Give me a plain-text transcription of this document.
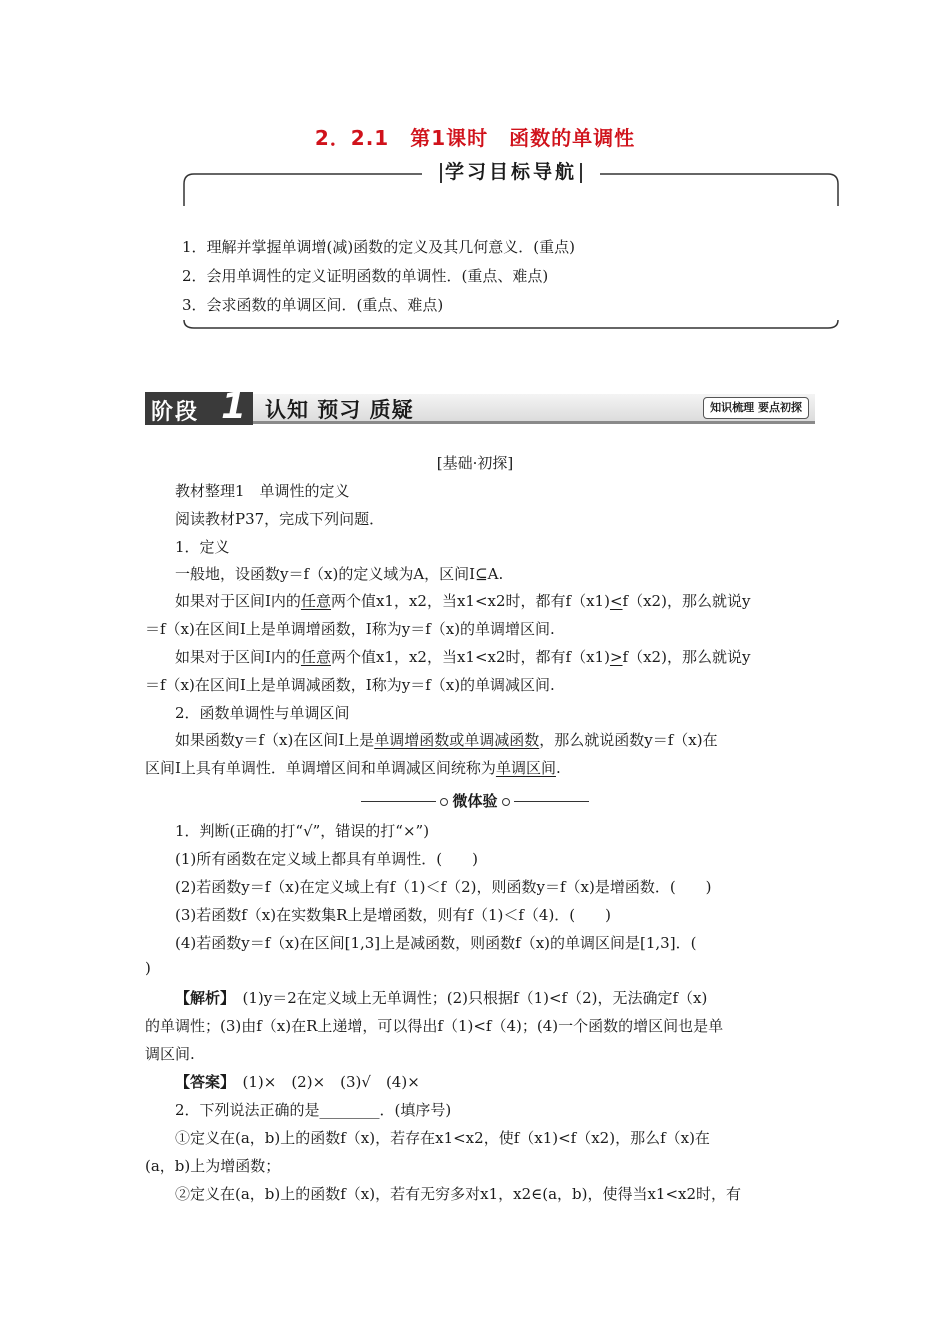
2．2.1　第1课时　函数的单调性
学习目标导航
1．理解并掌握单调增(减)函数的定义及其几何意义．(重点)
2．会用单调性的定义证明函数的单调性．(重点、难点)
3．会求函数的单调区间．(重点、难点)
阶段 1 认知 预习 质疑	知识梳理 要点初探
[基础·初探]
教材整理1　单调性的定义
阅读教材P37，完成下列问题．
1．定义
一般地，设函数y＝f（x)的定义域为A，区间I⊆A.
如果对于区间I内的任意两个值x1，x2，当x1<x2时，都有f（x1)<f（x2)，那么就说y
＝f（x)在区间I上是单调增函数，I称为y＝f（x)的单调增区间.
如果对于区间I内的任意两个值x1，x2，当x1<x2时，都有f（x1)>f（x2)，那么就说y
＝f（x)在区间I上是单调减函数，I称为y＝f（x)的单调减区间.
2．函数单调性与单调区间
如果函数y＝f（x)在区间I上是单调增函数或单调减函数，那么就说函数y＝f（x)在
区间I上具有单调性．单调增区间和单调减区间统称为单调区间.
微体验
1．判断(正确的打“√”，错误的打“×”)
(1)所有函数在定义域上都具有单调性．(　　)
(2)若函数y＝f（x)在定义域上有f（1)＜f（2)，则函数y＝f（x)是增函数．(　　)
(3)若函数f（x)在实数集R上是增函数，则有f（1)＜f（4)．(　　)
(4)若函数y＝f（x)在区间[1,3]上是减函数，则函数f（x)的单调区间是[1,3]．(
)
【解析】　(1)y＝2在定义域上无单调性；(2)只根据f（1)<f（2)，无法确定f（x)
的单调性；(3)由f（x)在R上递增，可以得出f（1)<f（4)；(4)一个函数的增区间也是单
调区间.
【答案】　(1)×　(2)×　(3)√　(4)×
2．下列说法正确的是________．(填序号)
①定义在(a，b)上的函数f（x)，若存在x1<x2，使f（x1)<f（x2)，那么f（x)在
(a，b)上为增函数；
②定义在(a，b)上的函数f（x)，若有无穷多对x1，x2∈(a，b)，使得当x1<x2时，有
